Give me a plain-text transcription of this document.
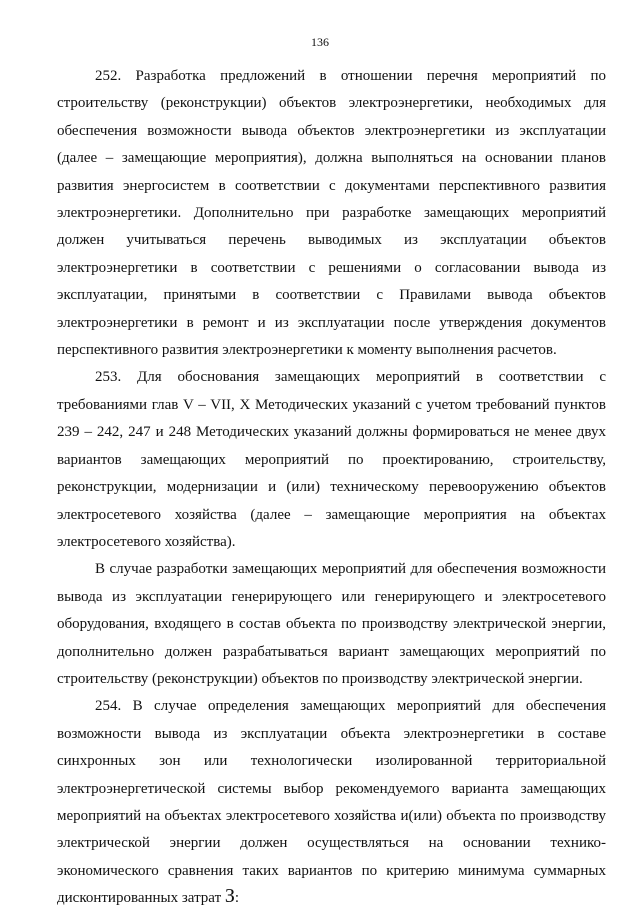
136

252. Разработка предложений в отношении перечня мероприятий по строительству (реконструкции) объектов электроэнергетики, необходимых для обеспечения возможности вывода объектов электроэнергетики из эксплуатации (далее – замещающие мероприятия), должна выполняться на основании планов развития энергосистем в соответствии с документами перспективного развития электроэнергетики. Дополнительно при разработке замещающих мероприятий должен учитываться перечень выводимых из эксплуатации объектов электроэнергетики в соответствии с решениями о согласовании вывода из эксплуатации, принятыми в соответствии с Правилами вывода объектов электроэнергетики в ремонт и из эксплуатации после утверждения документов перспективного развития электроэнергетики к моменту выполнения расчетов.

253. Для обоснования замещающих мероприятий в соответствии с требованиями глав V – VII, X Методических указаний с учетом требований пунктов 239 – 242, 247 и 248 Методических указаний должны формироваться не менее двух вариантов замещающих мероприятий по проектированию, строительству, реконструкции, модернизации и (или) техническому перевооружению объектов электросетевого хозяйства (далее – замещающие мероприятия на объектах электросетевого хозяйства).

В случае разработки замещающих мероприятий для обеспечения возможности вывода из эксплуатации генерирующего или генерирующего и электросетевого оборудования, входящего в состав объекта по производству электрической энергии, дополнительно должен разрабатываться вариант замещающих мероприятий по строительству (реконструкции) объектов по производству электрической энергии.

254. В случае определения замещающих мероприятий для обеспечения возможности вывода из эксплуатации объекта электроэнергетики в составе синхронных зон или технологически изолированной территориальной электроэнергетической системы выбор рекомендуемого варианта замещающих мероприятий на объектах электросетевого хозяйства и(или) объекта по производству электрической энергии должен осуществляться на основании технико-экономического сравнения таких вариантов по критерию минимума суммарных дисконтированных затрат З:
